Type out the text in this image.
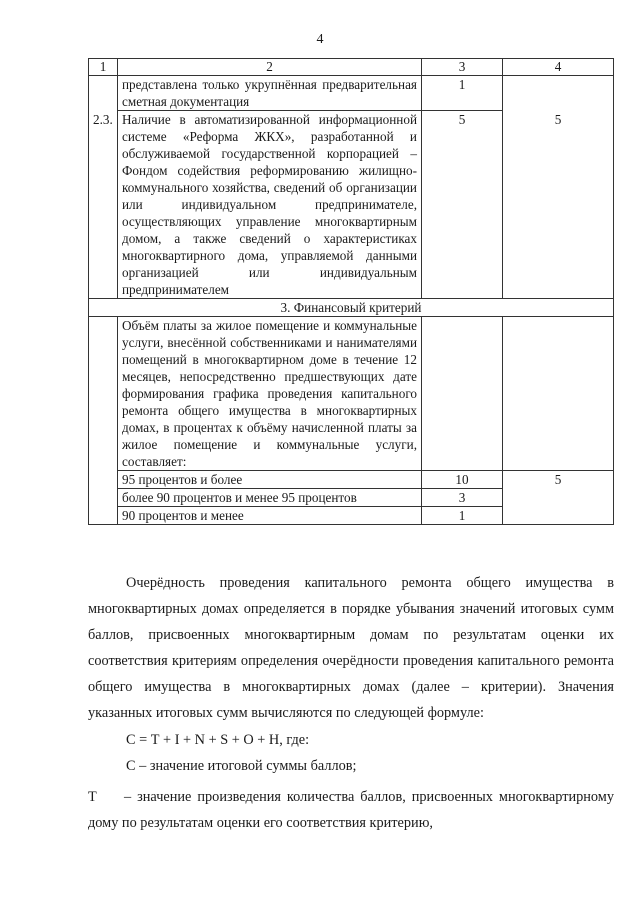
4
1	2	3	4
	представлена только укрупнённая предварительная сметная документация	1	
2.3.	Наличие в автоматизированной информационной системе «Реформа ЖКХ», разработанной и обслуживаемой государственной корпорацией – Фондом содействия реформированию жилищно-коммунального хозяйства, сведений об организации или индивидуальном предпринимателе, осуществляющих управление многоквартирным домом, а также сведений о характеристиках многоквартирного дома, управляемой данными организацией или индивидуальным предпринимателем	5	5
3. Финансовый критерий			
	Объём платы за жилое помещение и коммунальные услуги, внесённой собственниками и нанимателями помещений в многоквартирном доме в течение 12 месяцев, непосредственно предшествующих дате формирования графика проведения капитального ремонта общего имущества в многоквартирных домах, в процентах к объёму начисленной платы за жилое помещение и коммунальные услуги, составляет:		
	95 процентов и более	10	5
	более 90 процентов и менее 95 процентов	3	
	90 процентов и менее	1	
Очерёдность проведения капитального ремонта общего имущества в многоквартирных домах определяется в порядке убывания значений итоговых сумм баллов, присвоенных многоквартирным домам по результатам оценки их соответствия критериям определения очерёдности проведения капитального ремонта общего имущества в многоквартирных домах (далее – критерии). Значения указанных итоговых сумм вычисляются по следующей формуле:
С = Т + I + N + S + O + H, где:
С – значение итоговой суммы баллов;
Т – значение произведения количества баллов, присвоенных многоквартирному дому по результатам оценки его соответствия критерию,
